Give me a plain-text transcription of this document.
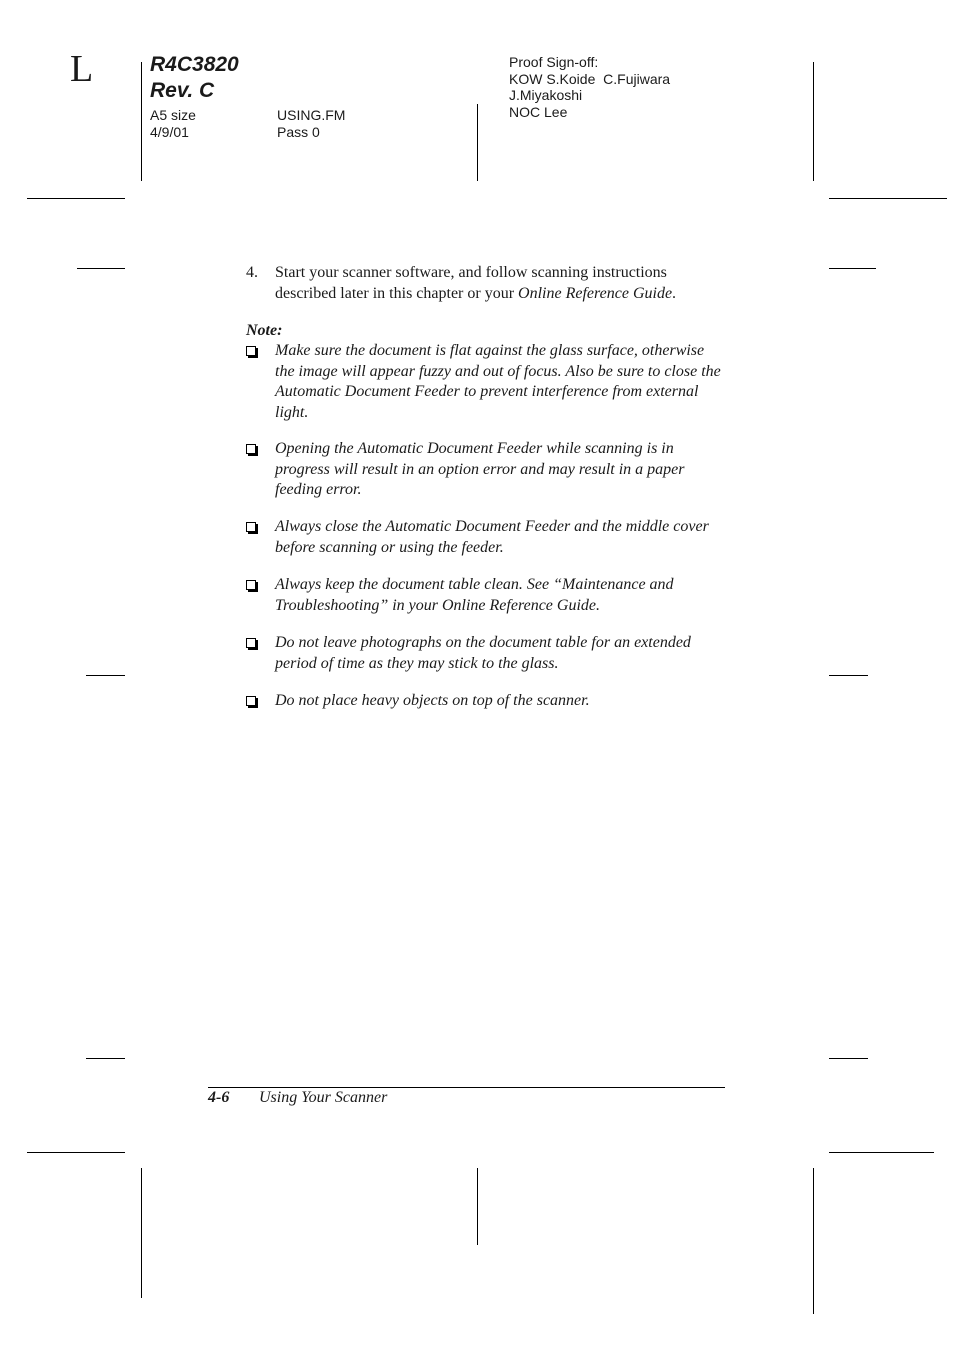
L	R4C3820
Rev. C
A5 size
4/9/01
USING.FM
Pass 0
Proof Sign-off:
KOW S.Koide  C.Fujiwara
J.Miyakoshi
NOC Lee
4. Start your scanner software, and follow scanning instructions described later in this chapter or your Online Reference Guide.
Note:
Make sure the document is flat against the glass surface, otherwise the image will appear fuzzy and out of focus. Also be sure to close the Automatic Document Feeder to prevent interference from external light.
Opening the Automatic Document Feeder while scanning is in progress will result in an option error and may result in a paper feeding error.
Always close the Automatic Document Feeder and the middle cover before scanning or using the feeder.
Always keep the document table clean. See “Maintenance and Troubleshooting” in your Online Reference Guide.
Do not leave photographs on the document table for an extended period of time as they may stick to the glass.
Do not place heavy objects on top of the scanner.
4-6 Using Your Scanner
